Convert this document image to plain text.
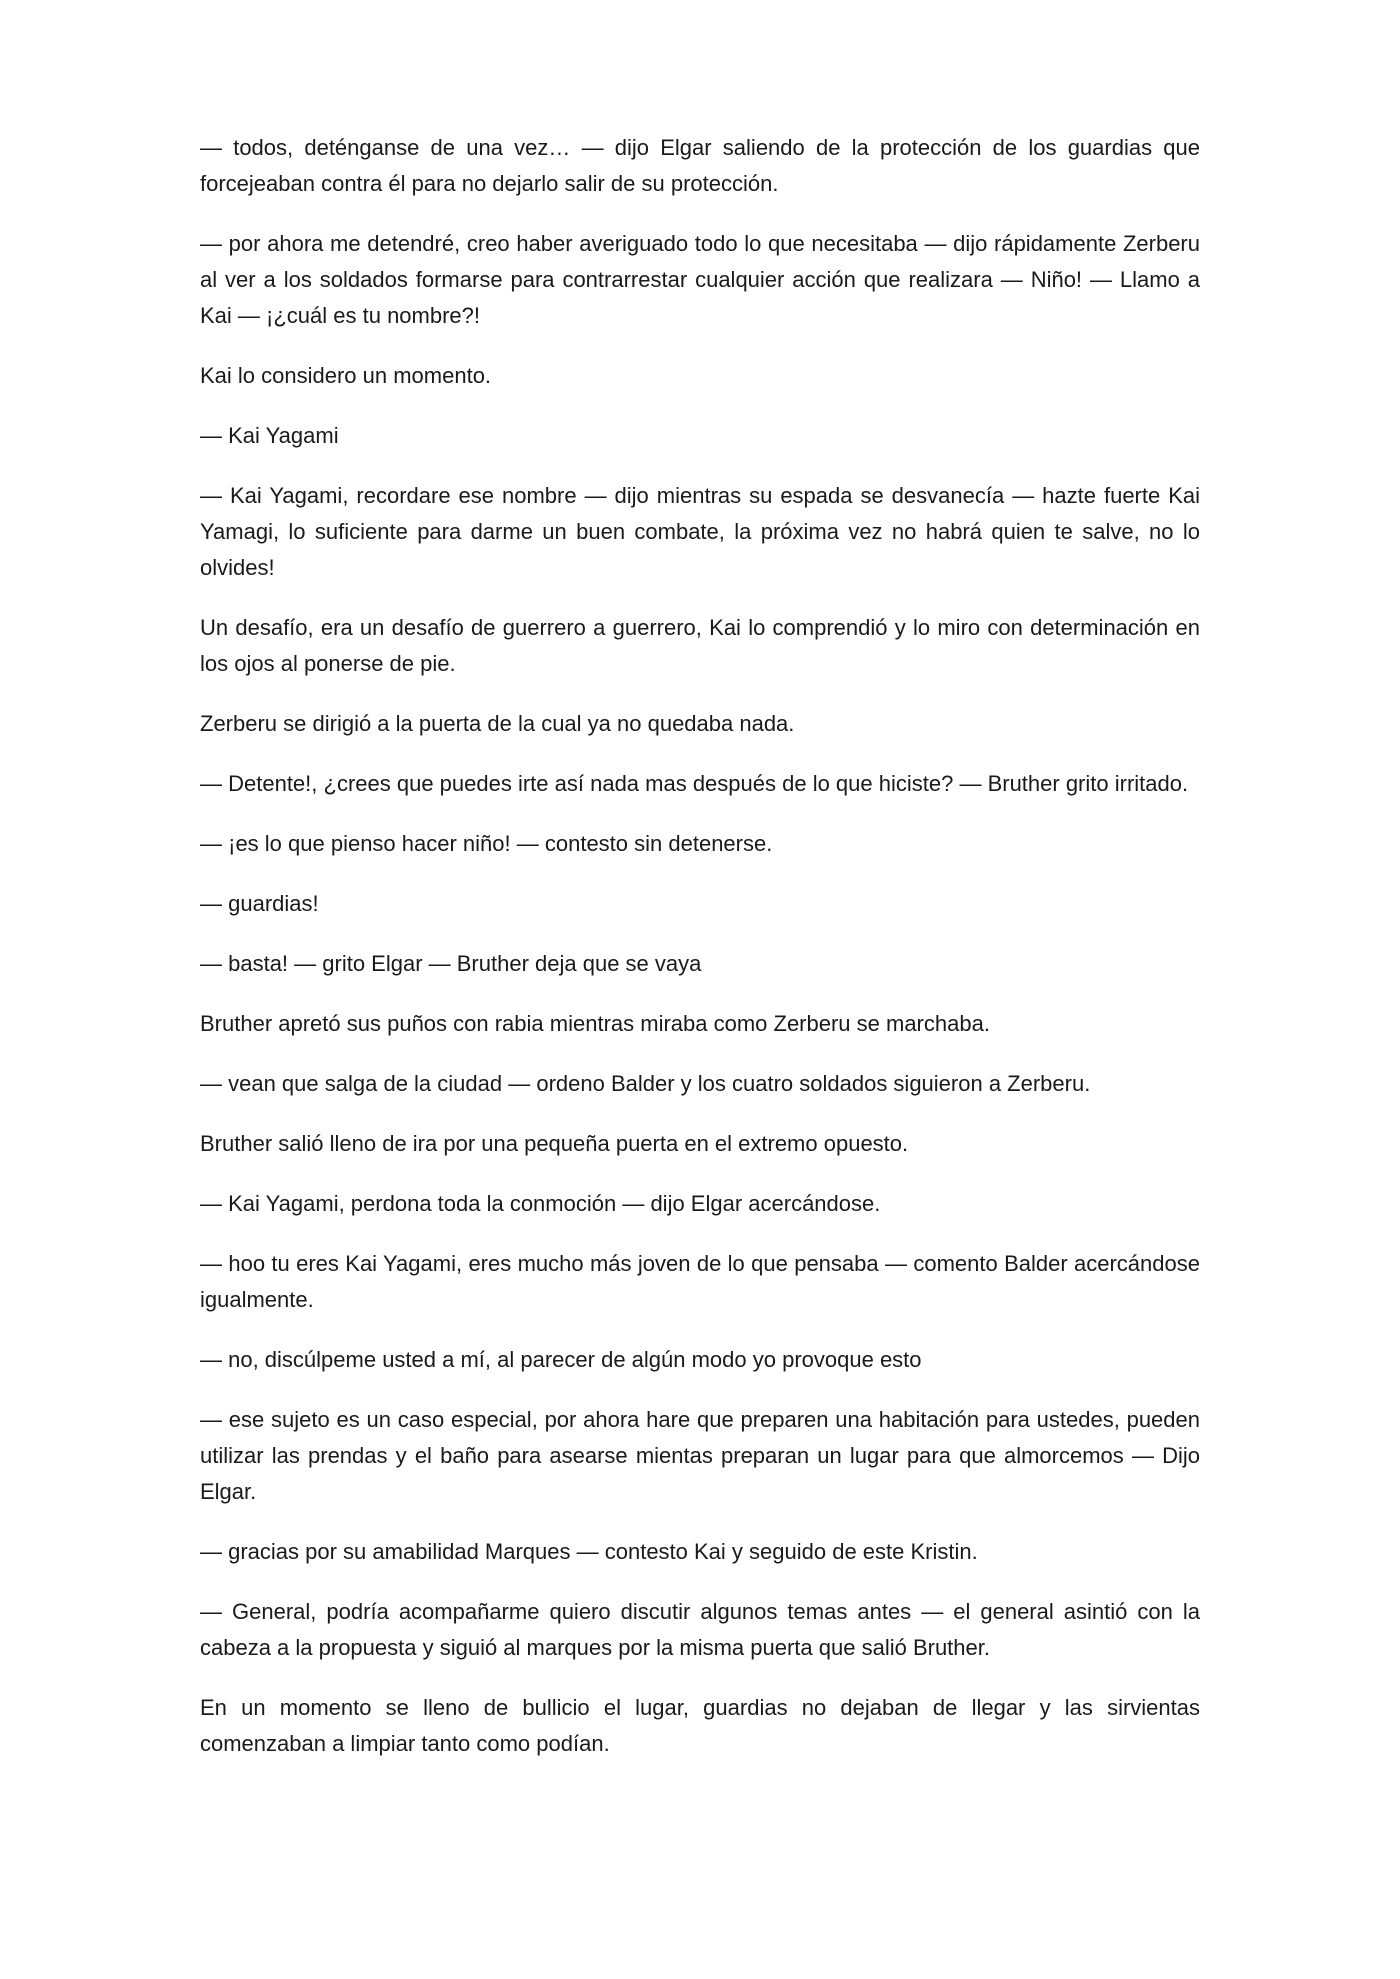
— todos, deténganse de una vez… — dijo Elgar saliendo de la protección de los guardias que forcejeaban contra él para no dejarlo salir de su protección.

— por ahora me detendré, creo haber averiguado todo lo que necesitaba — dijo rápidamente Zerberu al ver a los soldados formarse para contrarrestar cualquier acción que realizara — Niño! — Llamo a Kai — ¡¿cuál es tu nombre?!

Kai lo considero un momento.

— Kai Yagami

— Kai Yagami, recordare ese nombre — dijo mientras su espada se desvanecía — hazte fuerte Kai Yamagi, lo suficiente para darme un buen combate, la próxima vez no habrá quien te salve, no lo olvides!

Un desafío, era un desafío de guerrero a guerrero, Kai lo comprendió y lo miro con determinación en los ojos al ponerse de pie.

Zerberu se dirigió a la puerta de la cual ya no quedaba nada.

— Detente!, ¿crees que puedes irte así nada mas después de lo que hiciste? — Bruther grito irritado.

— ¡es lo que pienso hacer niño! — contesto sin detenerse.

— guardias!

— basta! — grito Elgar — Bruther deja que se vaya

Bruther apretó sus puños con rabia mientras miraba como Zerberu se marchaba.

— vean que salga de la ciudad — ordeno Balder y los cuatro soldados siguieron a Zerberu.

Bruther salió lleno de ira por una pequeña puerta en el extremo opuesto.

— Kai Yagami, perdona toda la conmoción — dijo Elgar acercándose.

— hoo tu eres Kai Yagami, eres mucho más joven de lo que pensaba — comento Balder acercándose igualmente.

— no, discúlpeme usted a mí, al parecer de algún modo yo provoque esto

— ese sujeto es un caso especial, por ahora hare que preparen una habitación para ustedes, pueden utilizar las prendas y el baño para asearse mientas preparan un lugar para que almorcemos — Dijo Elgar.

— gracias por su amabilidad Marques — contesto Kai y seguido de este Kristin.

— General, podría acompañarme quiero discutir algunos temas antes — el general asintió con la cabeza a la propuesta y siguió al marques por la misma puerta que salió Bruther.

En un momento se lleno de bullicio el lugar, guardias no dejaban de llegar y las sirvientas comenzaban a limpiar tanto como podían.
